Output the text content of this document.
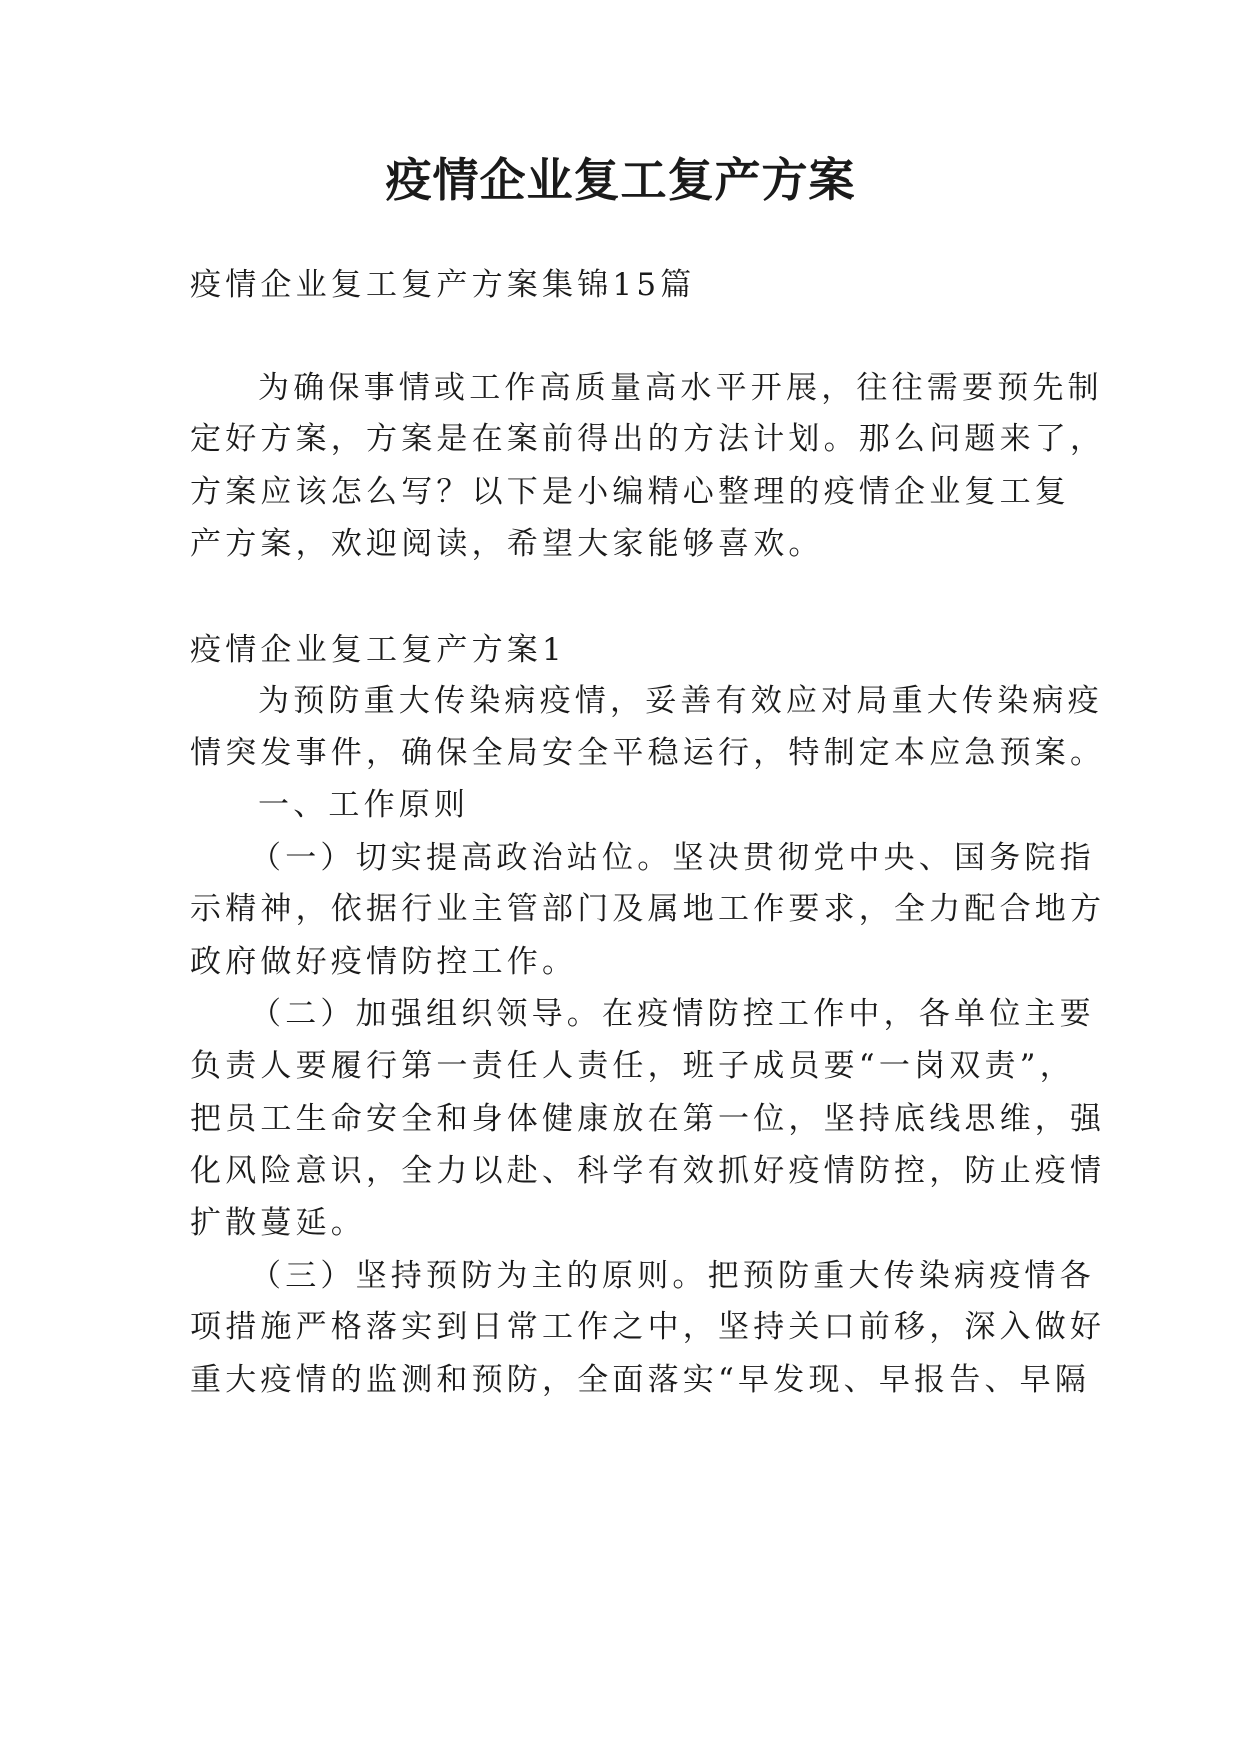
疫情企业复工复产方案
疫情企业复工复产方案集锦15篇
为确保事情或工作高质量高水平开展，往往需要预先制
定好方案，方案是在案前得出的方法计划。那么问题来了，
方案应该怎么写？以下是小编精心整理的疫情企业复工复
产方案，欢迎阅读，希望大家能够喜欢。
疫情企业复工复产方案1
为预防重大传染病疫情，妥善有效应对局重大传染病疫
情突发事件，确保全局安全平稳运行，特制定本应急预案。
一、工作原则
（一）切实提高政治站位。坚决贯彻党中央、国务院指
示精神，依据行业主管部门及属地工作要求，全力配合地方
政府做好疫情防控工作。
（二）加强组织领导。在疫情防控工作中，各单位主要
负责人要履行第一责任人责任，班子成员要“一岗双责”，
把员工生命安全和身体健康放在第一位，坚持底线思维，强
化风险意识，全力以赴、科学有效抓好疫情防控，防止疫情
扩散蔓延。
（三）坚持预防为主的原则。把预防重大传染病疫情各
项措施严格落实到日常工作之中，坚持关口前移，深入做好
重大疫情的监测和预防，全面落实“早发现、早报告、早隔
